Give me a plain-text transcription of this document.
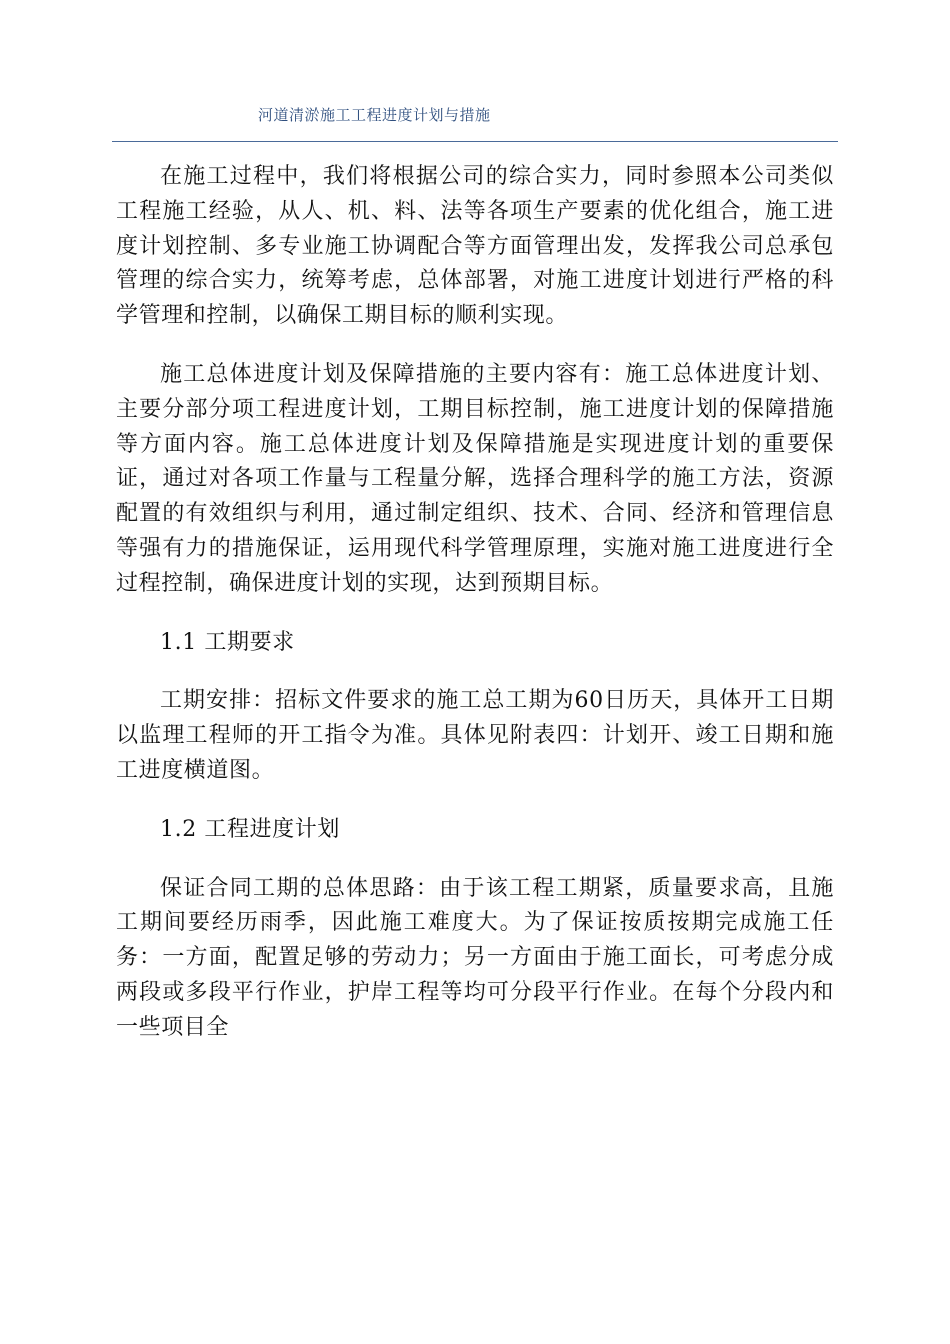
河道清淤施工工程进度计划与措施

在施工过程中，我们将根据公司的综合实力，同时参照本公司类似工程施工经验，从人、机、料、法等各项生产要素的优化组合，施工进度计划控制、多专业施工协调配合等方面管理出发，发挥我公司总承包管理的综合实力，统筹考虑，总体部署，对施工进度计划进行严格的科学管理和控制，以确保工期目标的顺利实现。

施工总体进度计划及保障措施的主要内容有：施工总体进度计划、主要分部分项工程进度计划，工期目标控制，施工进度计划的保障措施等方面内容。施工总体进度计划及保障措施是实现进度计划的重要保证，通过对各项工作量与工程量分解，选择合理科学的施工方法，资源配置的有效组织与利用，通过制定组织、技术、合同、经济和管理信息等强有力的措施保证，运用现代科学管理原理，实施对施工进度进行全过程控制，确保进度计划的实现，达到预期目标。

1.1 工期要求

工期安排：招标文件要求的施工总工期为60日历天，具体开工日期以监理工程师的开工指令为准。具体见附表四：计划开、竣工日期和施工进度横道图。

1.2 工程进度计划

保证合同工期的总体思路：由于该工程工期紧，质量要求高，且施工期间要经历雨季，因此施工难度大。为了保证按质按期完成施工任务：一方面，配置足够的劳动力；另一方面由于施工面长，可考虑分成两段或多段平行作业，护岸工程等均可分段平行作业。在每个分段内和一些项目全
